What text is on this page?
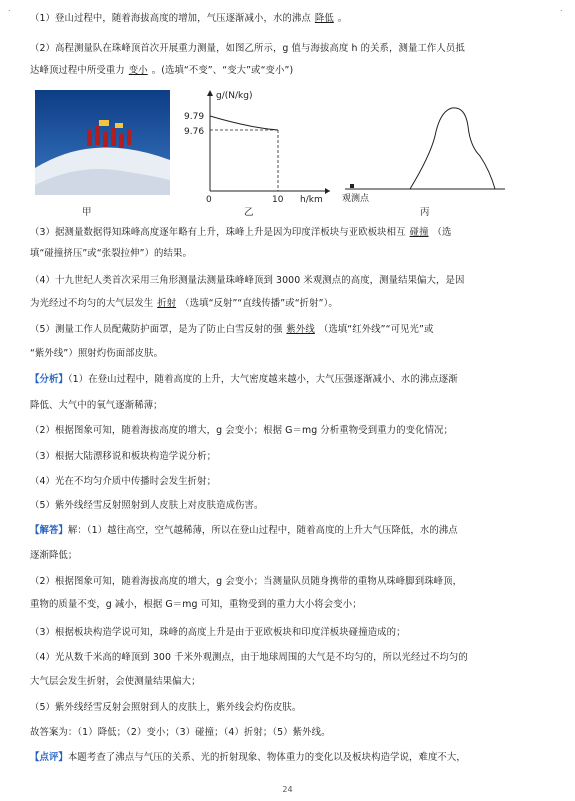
（1）登山过程中，随着海拔高度的增加，气压逐渐减小，水的沸点 降低 。
（2）高程测量队在珠峰顶首次开展重力测量，如图乙所示，g 值与海拔高度 h 的关系，测量工作人员抵
达峰顶过程中所受重力 变小 。(选填“不变”、“变大”或“变小”)
g/(N/kg)
9.79
9.76
0	10 h/km 观测点
甲	乙	丙
（3）据测量数据得知珠峰高度逐年略有上升，珠峰上升是因为印度洋板块与亚欧板块相互 碰撞 （选
填“碰撞挤压”或“张裂拉伸”）的结果。
（4）十九世纪人类首次采用三角形测量法测量珠峰峰顶到 3000 米观测点的高度，测量结果偏大，是因
为光经过不均匀的大气层发生 折射 （选填“反射”“直线传播”或“折射”）。
（5）测量工作人员配戴防护面罩，是为了防止白雪反射的强 紫外线 （选填“红外线”“可见光”或
“紫外线”）照射灼伤面部皮肤。
【分析】（1）在登山过程中，随着高度的上升，大气密度越来越小，大气压强逐渐减小、水的沸点逐渐
降低、大气中的氧气逐渐稀薄；
（2）根据图象可知，随着海拔高度的增大，g 会变小；根据 G＝mg 分析重物受到重力的变化情况；
（3）根据大陆漂移说和板块构造学说分析；
（4）光在不均匀介质中传播时会发生折射；
（5）紫外线经雪反射照射到人皮肤上对皮肤造成伤害。
【解答】解：（1）越往高空，空气越稀薄，所以在登山过程中，随着高度的上升大气压降低，水的沸点
逐渐降低；
（2）根据图象可知，随着海拔高度的增大，g 会变小；当测量队员随身携带的重物从珠峰脚到珠峰顶，
重物的质量不变，g 减小，根据 G＝mg 可知，重物受到的重力大小将会变小；
（3）根据板块构造学说可知，珠峰的高度上升是由于亚欧板块和印度洋板块碰撞造成的；
（4）光从数千米高的峰顶到 300 千米外观测点，由于地球周围的大气是不均匀的，所以光经过不均匀的
大气层会发生折射，会使测量结果偏大；
（5）紫外线经雪反射会照射到人的皮肤上，紫外线会灼伤皮肤。
故答案为：（1）降低；（2）变小；（3）碰撞；（4）折射；（5）紫外线。
【点评】本题考查了沸点与气压的关系、光的折射现象、物体重力的变化以及板块构造学说，难度不大，
.	.
24
